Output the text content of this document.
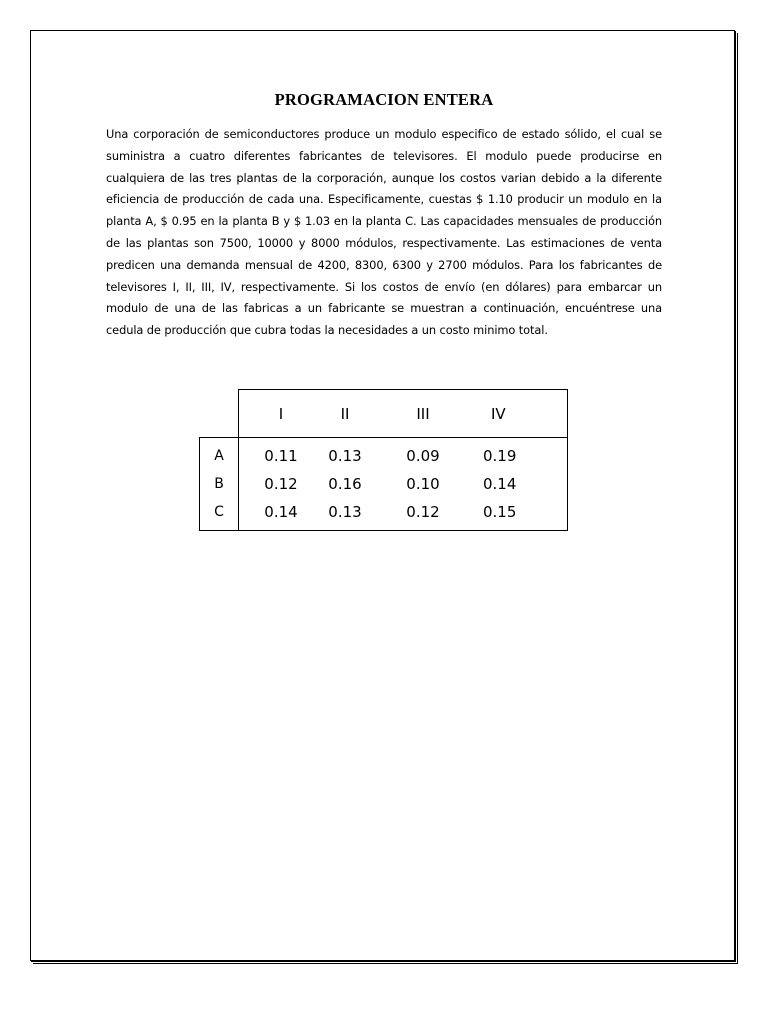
PROGRAMACION ENTERA
Una corporación de semiconductores produce un modulo especifico de estado sólido, el cual se suministra a cuatro diferentes fabricantes de televisores. El modulo puede producirse en cualquiera de las tres plantas de la corporación, aunque los costos varian debido a la diferente eficiencia de producción de cada una. Especificamente, cuestas $ 1.10 producir un modulo en la planta A, $ 0.95 en la planta B y $ 1.03 en la planta C. Las capacidades mensuales de producción de las plantas son 7500, 10000 y 8000 módulos, respectivamente. Las estimaciones de venta predicen una demanda mensual de 4200, 8300, 6300 y 2700 módulos. Para los fabricantes de televisores I, II, III, IV, respectivamente. Si los costos de envío (en dólares) para embarcar un modulo de una de las fabricas a un fabricante se muestran a continuación, encuéntrese una cedula de producción que cubra todas la necesidades a un costo minimo total.
	I	II	III	IV
A	0.11	0.13	0.09	0.19
B	0.12	0.16	0.10	0.14
C	0.14	0.13	0.12	0.15
